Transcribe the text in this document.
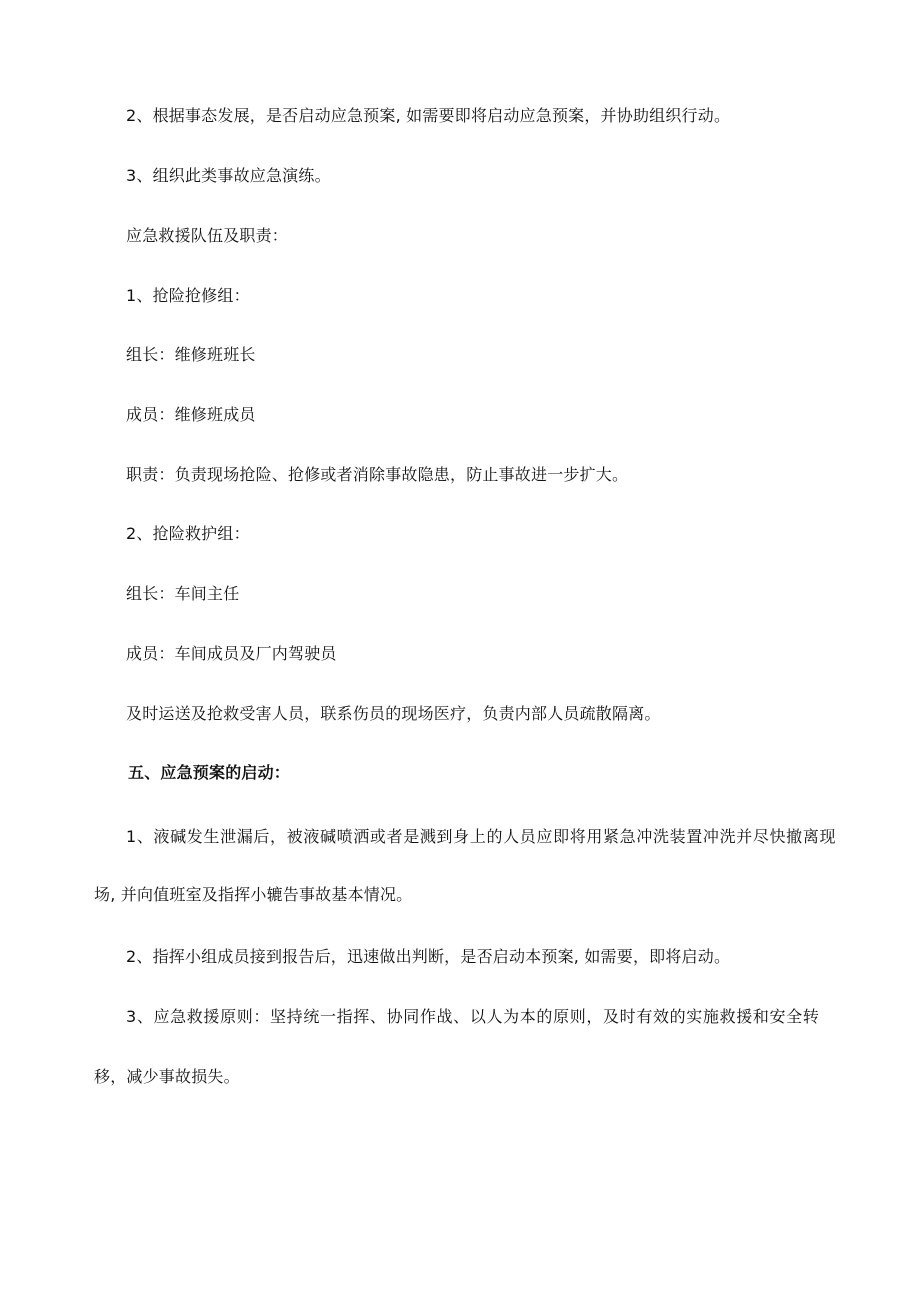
2、根据事态发展，是否启动应急预案, 如需要即将启动应急预案，并协助组织行动。
3、组织此类事故应急演练。
应急救援队伍及职责：
1、抢险抢修组：
组长：维修班班长
成员：维修班成员
职责：负责现场抢险、抢修或者消除事故隐患，防止事故进一步扩大。
2、抢险救护组：
组长：车间主任
成员：车间成员及厂内驾驶员
及时运送及抢救受害人员，联系伤员的现场医疗，负责内部人员疏散隔离。
五、应急预案的启动：
1、液碱发生泄漏后，被液碱喷洒或者是溅到身上的人员应即将用紧急冲洗装置冲洗并尽快撤离现
场, 并向值班室及指挥小辘告事故基本情况。
2、指挥小组成员接到报告后，迅速做出判断，是否启动本预案, 如需要，即将启动。
3、应急救援原则：坚持统一指挥、协同作战、以人为本的原则，及时有效的实施救援和安全转
移，减少事故损失。
